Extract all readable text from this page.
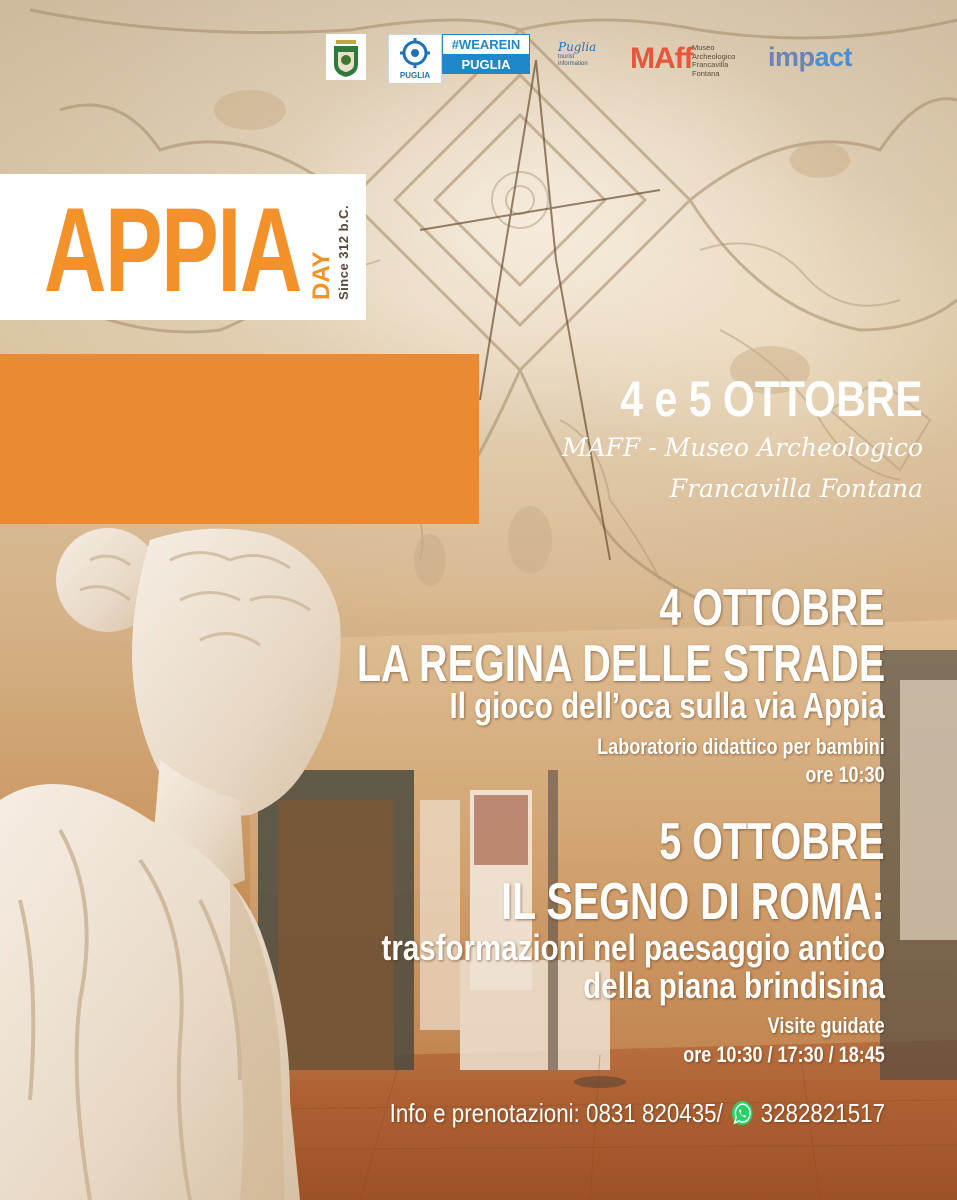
PUGLIA
#WEAREIN
PUGLIA
Puglia
tourist information	MAff Museo
Archeologico
Francavilla
Fontana
impact
APPIA DAY Since 312 b.C.
4 e 5 OTTOBRE
MAFF - Museo Archeologico
Francavilla Fontana
4 OTTOBRE
LA REGINA DELLE STRADE
Il gioco dell’oca sulla via Appia
Laboratorio didattico per bambini
ore 10:30
5 OTTOBRE
IL SEGNO DI ROMA:
trasformazioni nel paesaggio antico
della piana brindisina
Visite guidate
ore 10:30 / 17:30 / 18:45
Info e prenotazioni: 0831 820435/ 3282821517
